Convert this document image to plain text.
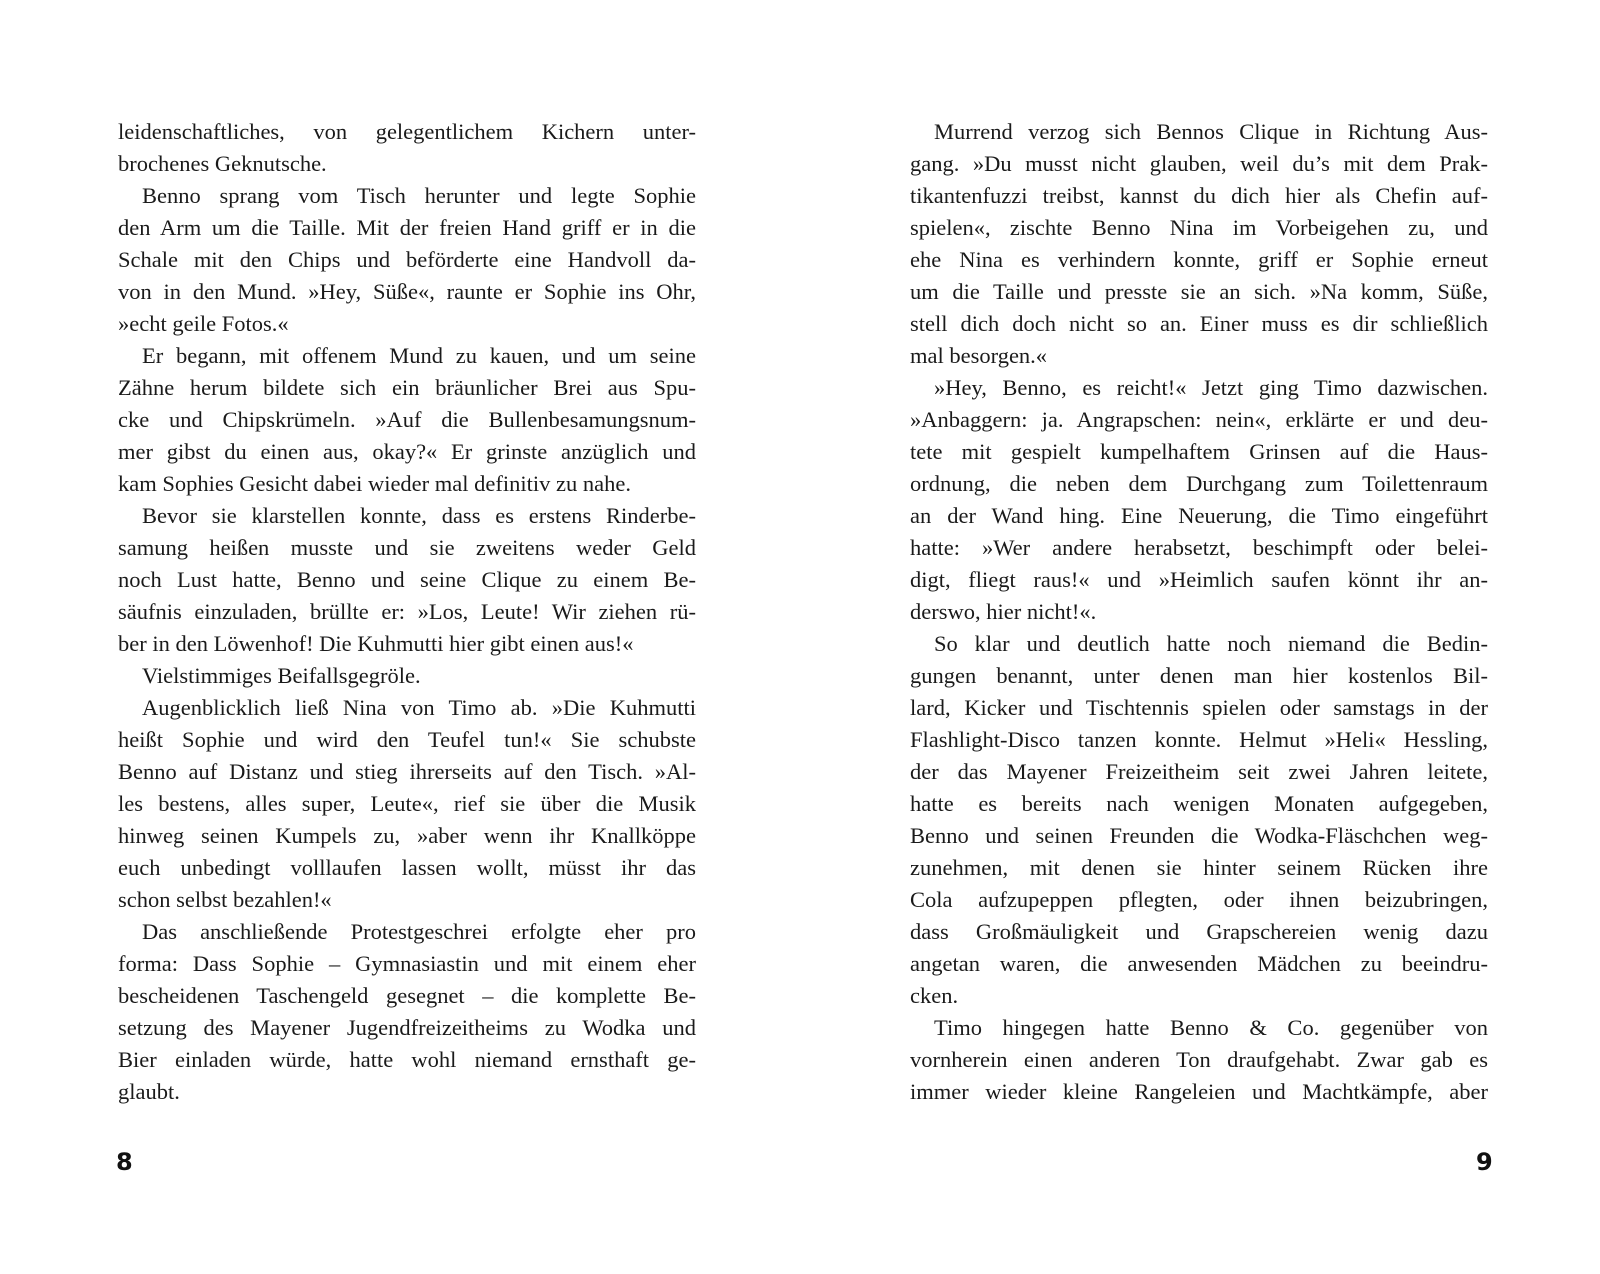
leidenschaftliches, von gelegentlichem Kichern unter-
brochenes Geknutsche.
Benno sprang vom Tisch herunter und legte Sophie
den Arm um die Taille. Mit der freien Hand griff er in die
Schale mit den Chips und beförderte eine Handvoll da-
von in den Mund. »Hey, Süße«, raunte er Sophie ins Ohr,
»echt geile Fotos.«
Er begann, mit offenem Mund zu kauen, und um seine
Zähne herum bildete sich ein bräunlicher Brei aus Spu-
cke und Chipskrümeln. »Auf die Bullenbesamungsnum-
mer gibst du einen aus, okay?« Er grinste anzüglich und
kam Sophies Gesicht dabei wieder mal definitiv zu nahe.
Bevor sie klarstellen konnte, dass es erstens Rinderbe-
samung heißen musste und sie zweitens weder Geld
noch Lust hatte, Benno und seine Clique zu einem Be-
säufnis einzuladen, brüllte er: »Los, Leute! Wir ziehen rü-
ber in den Löwenhof! Die Kuhmutti hier gibt einen aus!«
Vielstimmiges Beifallsgegröle.
Augenblicklich ließ Nina von Timo ab. »Die Kuhmutti
heißt Sophie und wird den Teufel tun!« Sie schubste
Benno auf Distanz und stieg ihrerseits auf den Tisch. »Al-
les bestens, alles super, Leute«, rief sie über die Musik
hinweg seinen Kumpels zu, »aber wenn ihr Knallköppe
euch unbedingt volllaufen lassen wollt, müsst ihr das
schon selbst bezahlen!«
Das anschließende Protestgeschrei erfolgte eher pro
forma: Dass Sophie – Gymnasiastin und mit einem eher
bescheidenen Taschengeld gesegnet – die komplette Be-
setzung des Mayener Jugendfreizeitheims zu Wodka und
Bier einladen würde, hatte wohl niemand ernsthaft ge-
glaubt.
8
Murrend verzog sich Bennos Clique in Richtung Aus-
gang. »Du musst nicht glauben, weil du’s mit dem Prak-
tikantenfuzzi treibst, kannst du dich hier als Chefin auf-
spielen«, zischte Benno Nina im Vorbeigehen zu, und
ehe Nina es verhindern konnte, griff er Sophie erneut
um die Taille und presste sie an sich. »Na komm, Süße,
stell dich doch nicht so an. Einer muss es dir schließlich
mal besorgen.«
»Hey, Benno, es reicht!« Jetzt ging Timo dazwischen.
»Anbaggern: ja. Angrapschen: nein«, erklärte er und deu-
tete mit gespielt kumpelhaftem Grinsen auf die Haus-
ordnung, die neben dem Durchgang zum Toilettenraum
an der Wand hing. Eine Neuerung, die Timo eingeführt
hatte: »Wer andere herabsetzt, beschimpft oder belei-
digt, fliegt raus!« und »Heimlich saufen könnt ihr an-
derswo, hier nicht!«.
So klar und deutlich hatte noch niemand die Bedin-
gungen benannt, unter denen man hier kostenlos Bil-
lard, Kicker und Tischtennis spielen oder samstags in der
Flashlight-Disco tanzen konnte. Helmut »Heli« Hessling,
der das Mayener Freizeitheim seit zwei Jahren leitete,
hatte es bereits nach wenigen Monaten aufgegeben,
Benno und seinen Freunden die Wodka-Fläschchen weg-
zunehmen, mit denen sie hinter seinem Rücken ihre
Cola aufzupeppen pflegten, oder ihnen beizubringen,
dass Großmäuligkeit und Grapschereien wenig dazu
angetan waren, die anwesenden Mädchen zu beeindru-
cken.
Timo hingegen hatte Benno & Co. gegenüber von
vornherein einen anderen Ton draufgehabt. Zwar gab es
immer wieder kleine Rangeleien und Machtkämpfe, aber
9
